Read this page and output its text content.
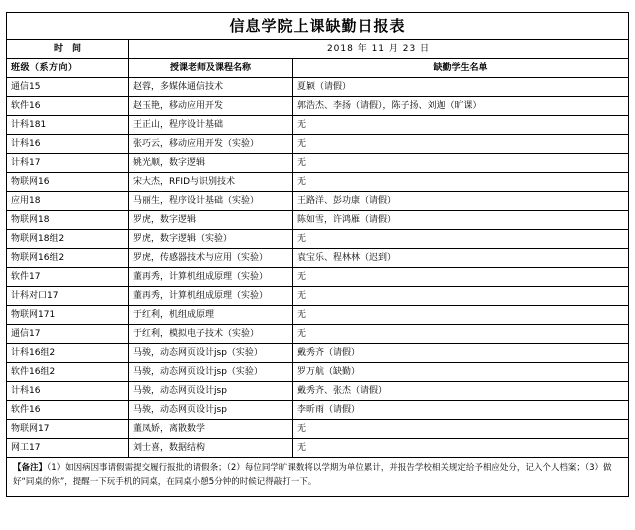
信息学院上课缺勤日报表		
时　间	2018 年 11 月 23 日	
班级（系方向）	授课老师及课程名称	缺勤学生名单
通信15	赵蓉，多媒体通信技术	夏颖（请假）
软件16	赵玉艳，移动应用开发	郭浩杰、李扬（请假），陈子扬、刘迦（旷课）
计科181	王正山，程序设计基础	无
计科16	张巧云，移动应用开发（实验）	无
计科17	姚光顺，数字逻辑	无
物联网16	宋大杰，RFID与识别技术	无
应用18	马丽生，程序设计基础（实验）	王路洋、彭功康（请假）
物联网18	罗虎，数字逻辑	陈如雪，许鸿雁（请假）
物联网18组2	罗虎，数字逻辑（实验）	无
物联网16组2	罗虎，传感器技术与应用（实验）	袁宝乐、程林林（迟到）
软件17	董再秀，计算机组成原理（实验）	无
计科对口17	董再秀，计算机组成原理（实验）	无
物联网171	于红利，机组成原理	无
通信17	于红利，模拟电子技术（实验）	无
计科16组2	马骏，动态网页设计jsp（实验）	戴秀齐（请假）
软件16组2	马骏，动态网页设计jsp（实验）	罗万航（缺勤）
计科16	马骏，动态网页设计jsp	戴秀齐、张杰（请假）
软件16	马骏，动态网页设计jsp	李昕雨（请假）
物联网17	董凤娇，离散数学	无
网工17	刘士喜，数据结构	无
【备注】（1）如因病因事请假需提交履行报批的请假条；（2）每位同学旷课数将以学期为单位累计，并报告学校相关规定给予相应处分，记入个人档案；（3）做好“同桌的你”，提醒一下玩手机的同桌，在同桌小憩5分钟的时候记得敲打一下。		
